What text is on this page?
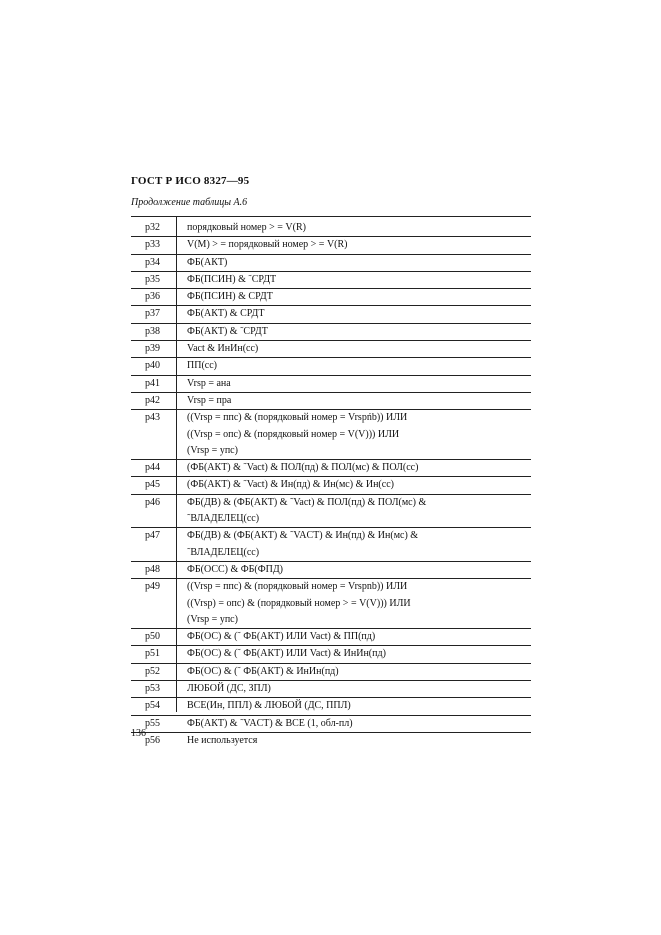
ГОСТ Р ИСО 8327—95
Продолжение таблицы А.6
p32	порядковый номер > = V(R)
p33	V(M) > = порядковый номер > = V(R)
p34	ФБ(АКТ)
p35	ФБ(ПСИН) & ˜СРДТ
p36	ФБ(ПСИН) & СРДТ
p37	ФБ(АКТ) & СРДТ
p38	ФБ(АКТ) & ˜СРДТ
p39	Vact & ИнИн(сс)
p40	ПП(сс)
p41	Vrsp = ана
p42	Vrsp = пра
p43	((Vrsp = ппс) & (порядковый номер = Vrspńb)) ИЛИ
((Vrsp = опс) & (порядковый номер = V(V))) ИЛИ
(Vrsp = упс)
p44	(ФБ(АКТ) & ˜Vact) & ПОЛ(пд) & ПОЛ(мс) & ПОЛ(сс)
p45	(ФБ(АКТ) & ˜Vact) & Ин(пд) & Ин(мс) & Ин(сс)
p46	ФБ(ДВ) & (ФБ(АКТ) & ˜Vact) & ПОЛ(пд) & ПОЛ(мс) &
˜ВЛАДЕЛЕЦ(сс)
p47	ФБ(ДВ) & (ФБ(АКТ) & ˜VACT) & Ин(пд) & Ин(мс) &
˜ВЛАДЕЛЕЦ(сс)
p48	ФБ(ОСС) & ФБ(ФПД)
p49	((Vrsp = ппс) & (порядковый номер = Vrspnb)) ИЛИ
((Vrsp) = опс) & (порядковый номер > = V(V))) ИЛИ
(Vrsp = упс)
p50	ФБ(ОС) & (˜ ФБ(АКТ) ИЛИ Vact) & ПП(пд)
p51	ФБ(ОС) & (˜ ФБ(АКТ) ИЛИ Vact) & ИнИн(пд)
p52	ФБ(ОС) & (˜ ФБ(АКТ) & ИнИн(пд)
p53	ЛЮБОЙ (ДС, ЗПЛ)
p54	ВСЕ(Ин, ППЛ) & ЛЮБОЙ (ДС, ППЛ)
p55	ФБ(АКТ) & ˜VACT) & ВСЕ (1, обл-пл)
p56	Не используется
136
